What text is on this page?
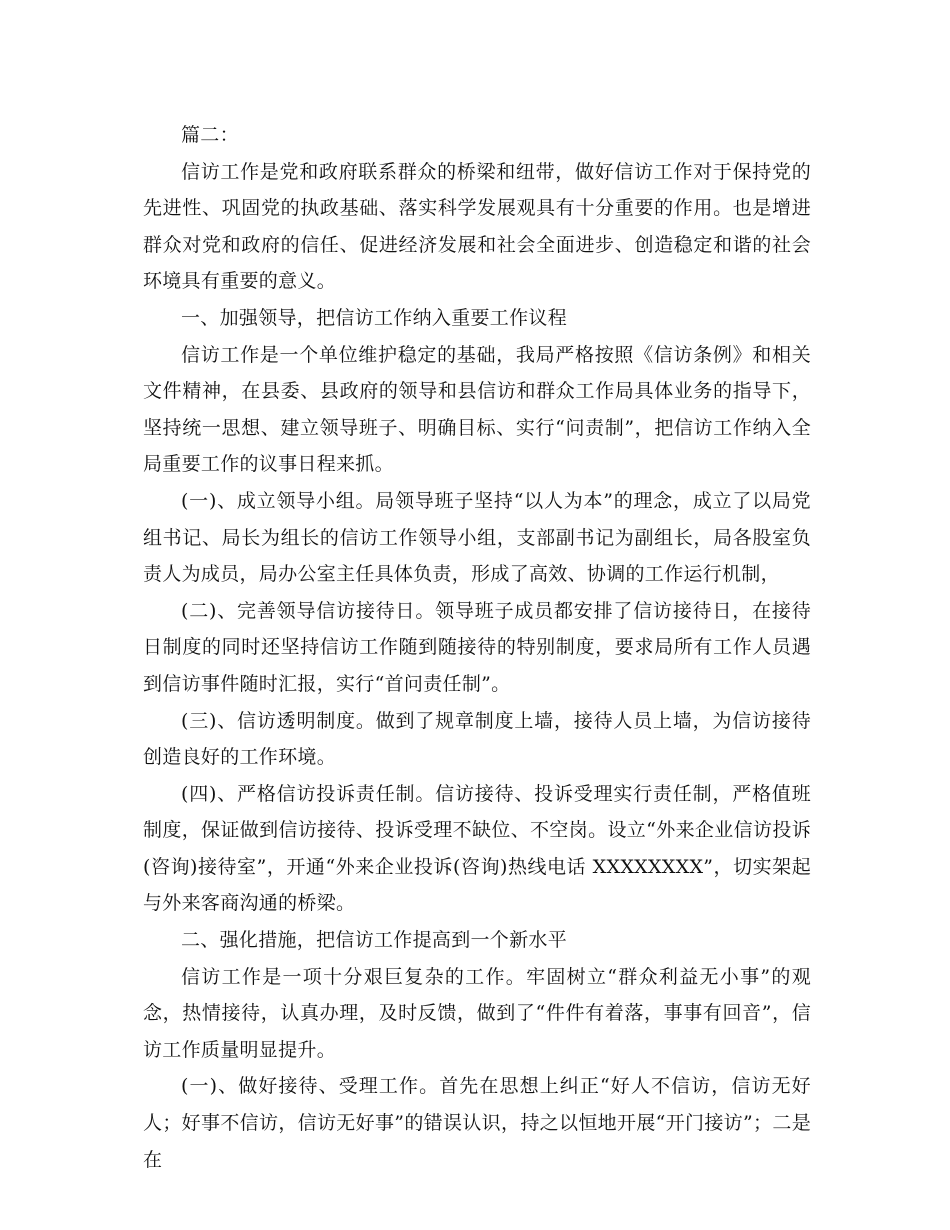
篇二：

信访工作是党和政府联系群众的桥梁和纽带，做好信访工作对于保持党的先进性、巩固党的执政基础、落实科学发展观具有十分重要的作用。也是增进群众对党和政府的信任、促进经济发展和社会全面进步、创造稳定和谐的社会环境具有重要的意义。

一、加强领导，把信访工作纳入重要工作议程

信访工作是一个单位维护稳定的基础，我局严格按照《信访条例》和相关文件精神，在县委、县政府的领导和县信访和群众工作局具体业务的指导下，坚持统一思想、建立领导班子、明确目标、实行“问责制”，把信访工作纳入全局重要工作的议事日程来抓。

(一)、成立领导小组。局领导班子坚持“以人为本”的理念，成立了以局党组书记、局长为组长的信访工作领导小组，支部副书记为副组长，局各股室负责人为成员，局办公室主任具体负责，形成了高效、协调的工作运行机制，

(二)、完善领导信访接待日。领导班子成员都安排了信访接待日，在接待日制度的同时还坚持信访工作随到随接待的特别制度，要求局所有工作人员遇到信访事件随时汇报，实行“首问责任制”。

(三)、信访透明制度。做到了规章制度上墙，接待人员上墙，为信访接待创造良好的工作环境。

(四)、严格信访投诉责任制。信访接待、投诉受理实行责任制，严格值班制度，保证做到信访接待、投诉受理不缺位、不空岗。设立“外来企业信访投诉(咨询)接待室”，开通“外来企业投诉(咨询)热线电话 XXXXXXXX”，切实架起与外来客商沟通的桥梁。

二、强化措施，把信访工作提高到一个新水平

信访工作是一项十分艰巨复杂的工作。牢固树立“群众利益无小事”的观念，热情接待，认真办理，及时反馈，做到了“件件有着落，事事有回音”，信访工作质量明显提升。

(一)、做好接待、受理工作。首先在思想上纠正“好人不信访，信访无好人；好事不信访，信访无好事”的错误认识，持之以恒地开展“开门接访”；二是在
